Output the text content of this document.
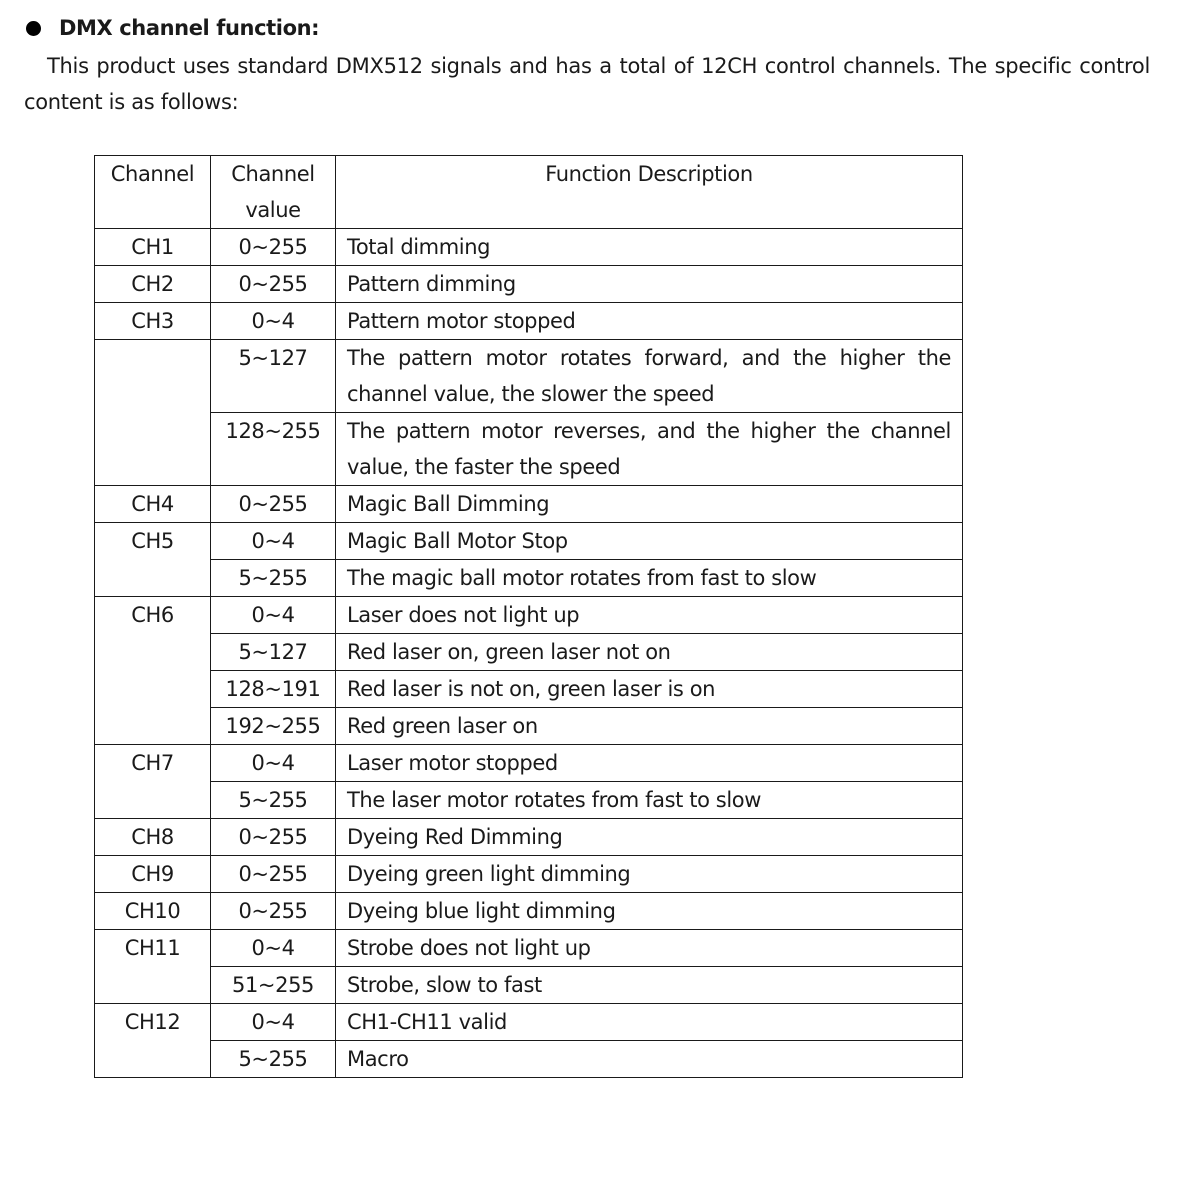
DMX channel function:
This product uses standard DMX512 signals and has a total of 12CH control channels. The specific control content is as follows:
Channel	Channel value	Function Description
CH1	0~255	Total dimming
CH2	0~255	Pattern dimming
CH3	0~4	Pattern motor stopped
	5~127	The pattern motor rotates forward, and the higher the channel value, the slower the speed
	128~255	The pattern motor reverses, and the higher the channel value, the faster the speed
CH4	0~255	Magic Ball Dimming
CH5	0~4	Magic Ball Motor Stop
	5~255	The magic ball motor rotates from fast to slow
CH6	0~4	Laser does not light up
	5~127	Red laser on, green laser not on
	128~191	Red laser is not on, green laser is on
	192~255	Red green laser on
CH7	0~4	Laser motor stopped
	5~255	The laser motor rotates from fast to slow
CH8	0~255	Dyeing Red Dimming
CH9	0~255	Dyeing green light dimming
CH10	0~255	Dyeing blue light dimming
CH11	0~4	Strobe does not light up
	51~255	Strobe, slow to fast
CH12	0~4	CH1-CH11 valid
	5~255	Macro
